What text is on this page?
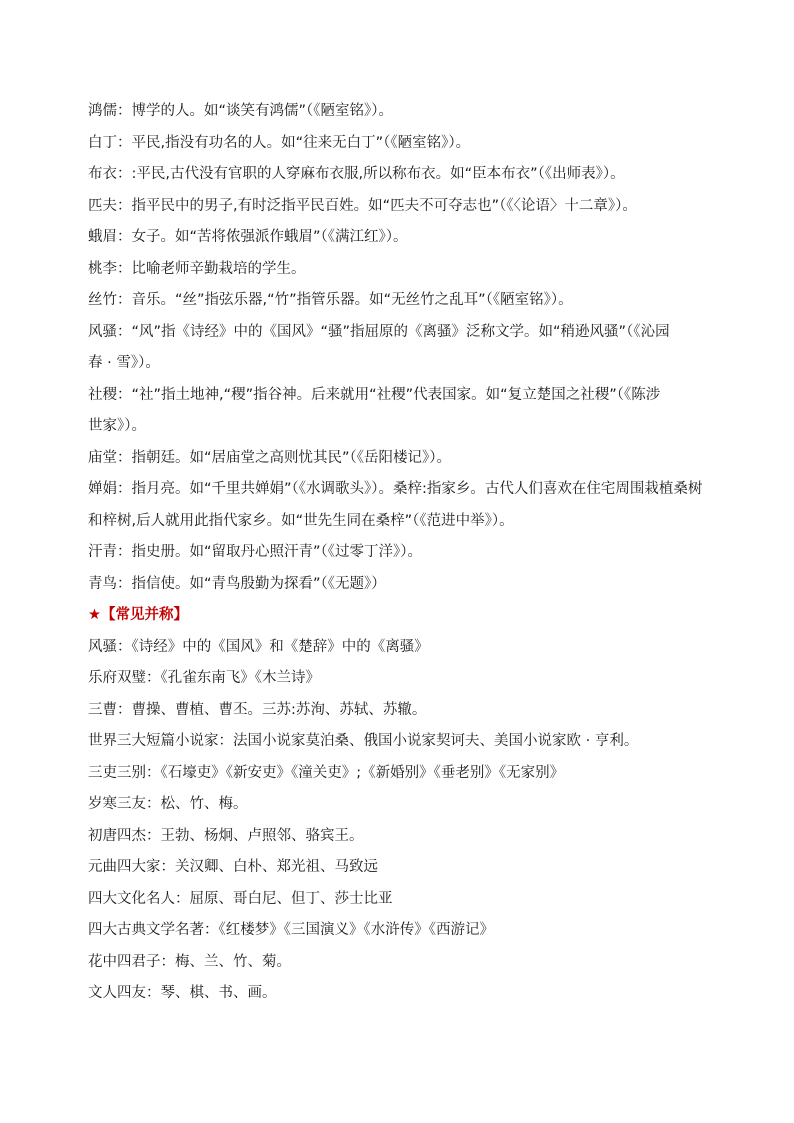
鸿儒：博学的人。如“谈笑有鸿儒”（《陋室铭》）。
白丁：平民,指没有功名的人。如“往来无白丁”（《陋室铭》）。
布衣：:平民,古代没有官职的人穿麻布衣服,所以称布衣。如“臣本布衣”（《出师表》）。
匹夫：指平民中的男子,有时泛指平民百姓。如“匹夫不可夺志也”（《〈论语〉十二章》）。
蛾眉：女子。如“苦将侬强派作蛾眉”（《满江红》）。
桃李：比喻老师辛勤栽培的学生。
丝竹：音乐。“丝”指弦乐器,“竹”指管乐器。如“无丝竹之乱耳”（《陋室铭》）。
风骚：“风”指《诗经》中的《国风》“骚”指屈原的《离骚》泛称文学。如“稍逊风骚”（《沁园
春 · 雪》）。
社稷：“社”指土地神,“稷”指谷神。后来就用“社稷”代表国家。如“复立楚国之社稷”（《陈涉
世家》）。
庙堂：指朝廷。如“居庙堂之高则忧其民”（《岳阳楼记》）。
婵娟：指月亮。如“千里共婵娟”（《水调歌头》）。桑梓:指家乡。古代人们喜欢在住宅周围栽植桑树
和梓树,后人就用此指代家乡。如“世先生同在桑梓”（《范进中举》）。
汗青：指史册。如“留取丹心照汗青”（《过零丁洋》）。
青鸟：指信使。如“青鸟殷勤为探看”（《无题》）
★【常见并称】
风骚：《诗经》中的《国风》和《楚辞》中的《离骚》
乐府双璧：《孔雀东南飞》《木兰诗》
三曹：曹操、曹植、曹丕。三苏:苏洵、苏轼、苏辙。
世界三大短篇小说家：法国小说家莫泊桑、俄国小说家契诃夫、美国小说家欧 · 亨利。
三吏三别：《石壕吏》《新安吏》《潼关吏》;《新婚别》《垂老别》《无家别》
岁寒三友：松、竹、梅。
初唐四杰：王勃、杨炯、卢照邻、骆宾王。
元曲四大家：关汉卿、白朴、郑光祖、马致远
四大文化名人：屈原、哥白尼、但丁、莎士比亚
四大古典文学名著：《红楼梦》《三国演义》《水浒传》《西游记》
花中四君子：梅、兰、竹、菊。
文人四友：琴、棋、书、画。
